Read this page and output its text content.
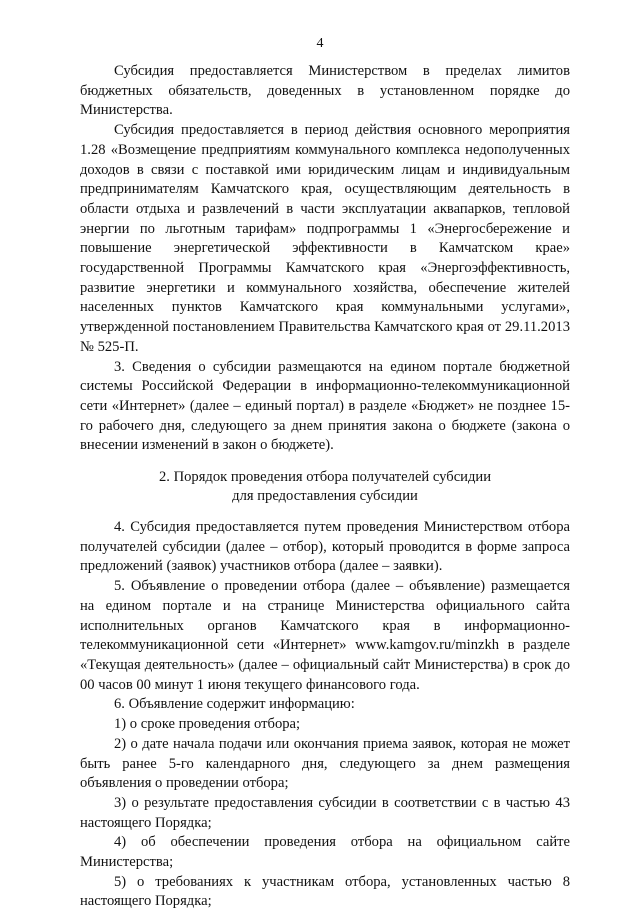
4

Субсидия предоставляется Министерством в пределах лимитов бюджетных обязательств, доведенных в установленном порядке до Министерства.

Субсидия предоставляется в период действия основного мероприятия 1.28 «Возмещение предприятиям коммунального комплекса недополученных доходов в связи с поставкой ими юридическим лицам и индивидуальным предпринимателям Камчатского края, осуществляющим деятельность в области отдыха и развлечений в части эксплуатации аквапарков, тепловой энергии по льготным тарифам» подпрограммы 1 «Энергосбережение и повышение энергетической эффективности в Камчатском крае» государственной Программы Камчатского края «Энергоэффективность, развитие энергетики и коммунального хозяйства, обеспечение жителей населенных пунктов Камчатского края коммунальными услугами», утвержденной постановлением Правительства Камчатского края от 29.11.2013 № 525-П.

3. Сведения о субсидии размещаются на едином портале бюджетной системы Российской Федерации в информационно-телекоммуникационной сети «Интернет» (далее – единый портал) в разделе «Бюджет» не позднее 15-го рабочего дня, следующего за днем принятия закона о бюджете (закона о внесении изменений в закон о бюджете).

2. Порядок проведения отбора получателей субсидии
для предоставления субсидии

4. Субсидия предоставляется путем проведения Министерством отбора получателей субсидии (далее – отбор), который проводится в форме запроса предложений (заявок) участников отбора (далее – заявки).

5. Объявление о проведении отбора (далее – объявление) размещается на едином портале и на странице Министерства официального сайта исполнительных органов Камчатского края в информационно-телекоммуникационной сети «Интернет» www.kamgov.ru/minzkh в разделе «Текущая деятельность» (далее – официальный сайт Министерства) в срок до 00 часов 00 минут 1 июня текущего финансового года.

6. Объявление содержит информацию:

1) о сроке проведения отбора;

2) о дате начала подачи или окончания приема заявок, которая не может быть ранее 5-го календарного дня, следующего за днем размещения объявления о проведении отбора;

3) о результате предоставления субсидии в соответствии с в частью 43 настоящего Порядка;

4) об обеспечении проведения отбора на официальном сайте Министерства;

5) о требованиях к участникам отбора, установленных частью 8 настоящего Порядка;
